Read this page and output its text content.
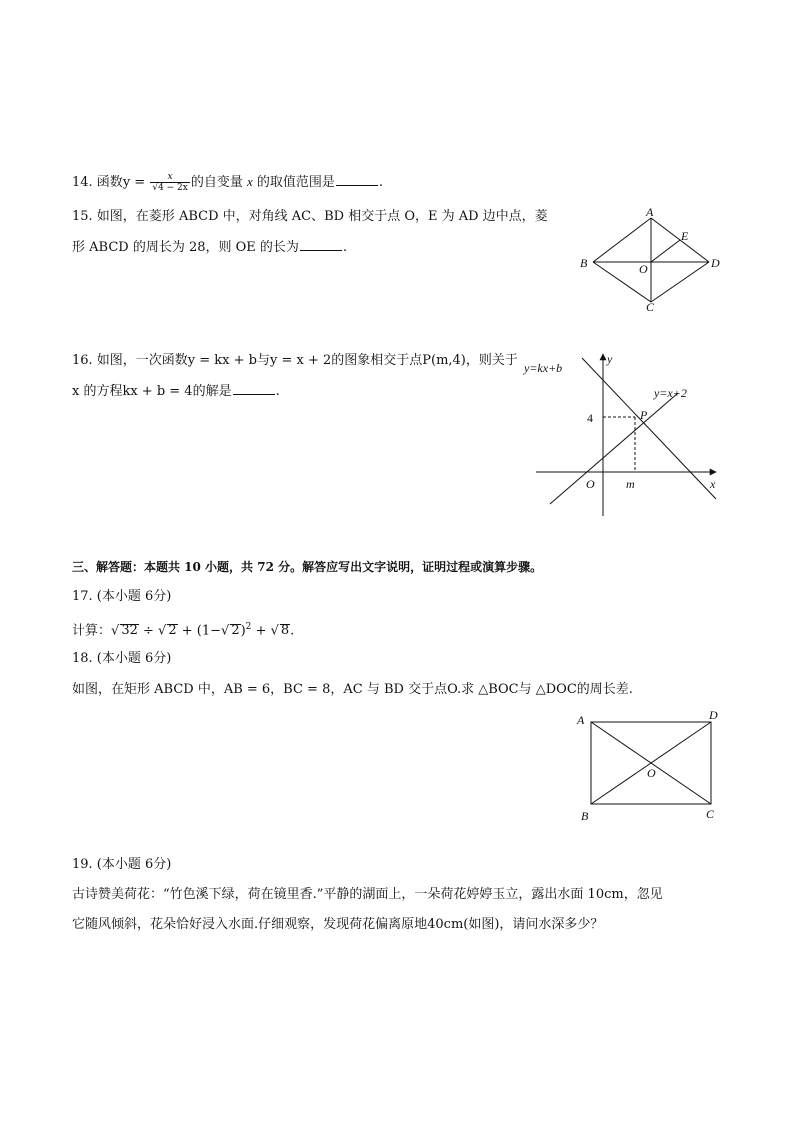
14. 函数$y = \frac{x}{√4 - 2x}$ 的自变量 x 的取值范围是	.
15. 如图，在菱形 ABCD 中，对角线 AC、BD 相交于点 O，E 为 AD 边中点，菱
形 ABCD 的周长为 28，则 OE 的长为	.
A
E
B	O	D
C
16. 如图，一次函数y = kx + b与y = x + 2的图象相交于点P(m,4)，则关于
x 的方程kx + b = 4的解是	.
y=kx+b
y=x+2
y
x
O
4
m
P
三、解答题：本题共 10 小题，共 72 分。解答应写出文字说明，证明过程或演算步骤。
17. (本小题 6分)
计算：√ 32 ÷ √ 2 + (1−√ 2)$^2$ + √ 8.
18. (本小题 6分)
如图，在矩形 ABCD 中，AB = 6，BC = 8，AC 与 BD 交于点O.求 △BOC与 △DOC的周长差.
A	D
O
B	C
19. (本小题 6分)
古诗赞美荷花：“竹色溪下绿，荷在镜里香.”平静的湖面上，一朵荷花婷婷玉立，露出水面 10cm，忽见
它随风倾斜，花朵恰好浸入水面.仔细观察，发现荷花偏离原地40cm(如图)，请问水深多少？
